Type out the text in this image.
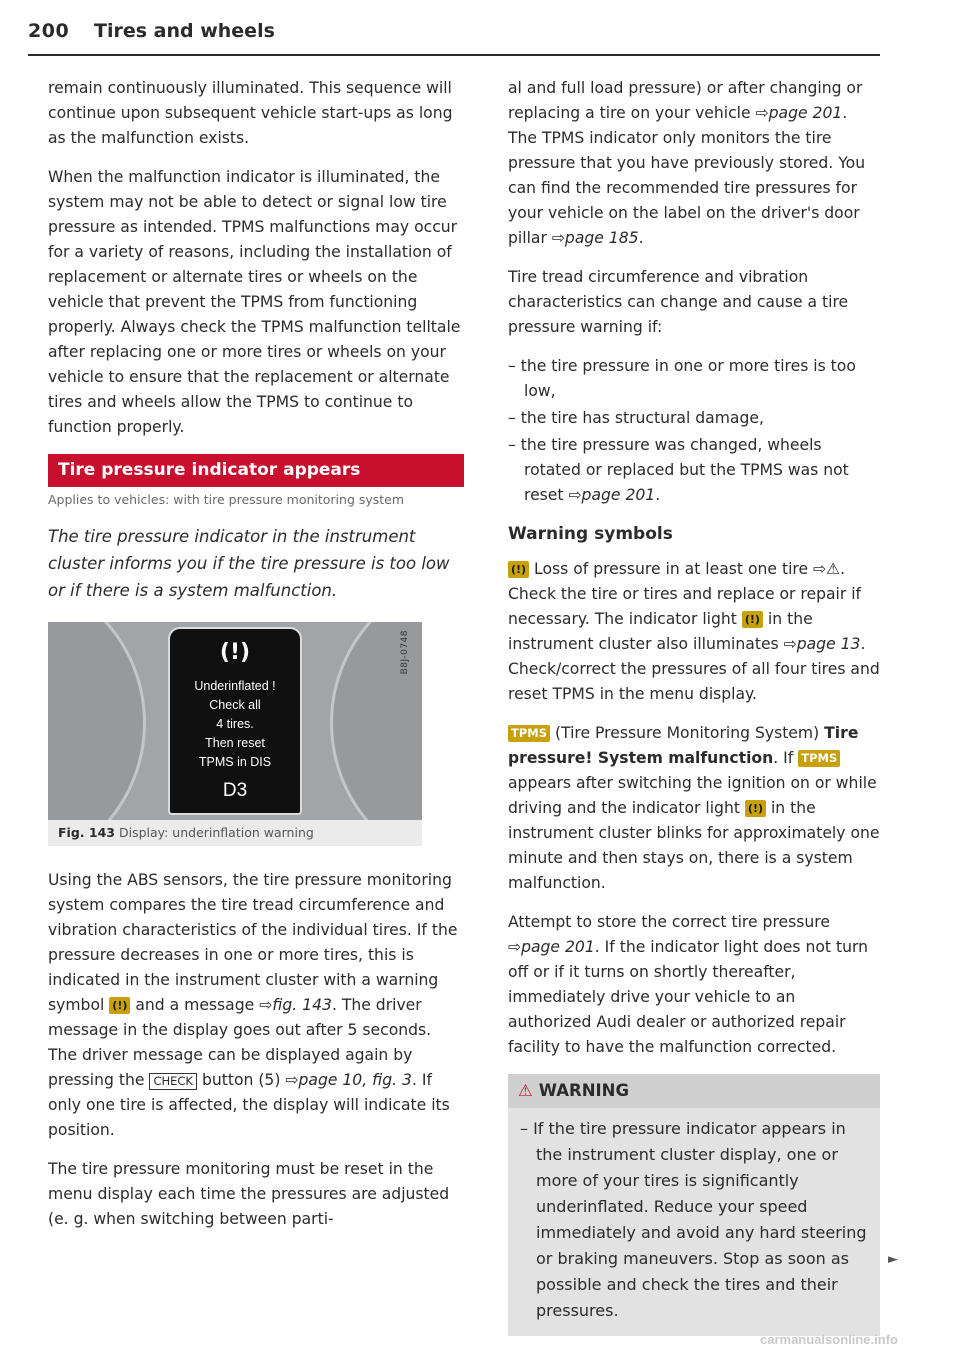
200 Tires and wheels

remain continuously illuminated. This sequence will continue upon subsequent vehicle start-ups as long as the malfunction exists.

When the malfunction indicator is illuminated, the system may not be able to detect or signal low tire pressure as intended. TPMS malfunctions may occur for a variety of reasons, including the installation of replacement or alternate tires or wheels on the vehicle that prevent the TPMS from functioning properly. Always check the TPMS malfunction telltale after replacing one or more tires or wheels on your vehicle to ensure that the replacement or alternate tires and wheels allow the TPMS to continue to function properly.

Tire pressure indicator appears
Applies to vehicles: with tire pressure monitoring system

The tire pressure indicator in the instrument cluster informs you if the tire pressure is too low or if there is a system malfunction.

(!)
Underinflated !
Check all
4 tires.
Then reset
TPMS in DIS
D3
B8J-0748
Fig. 143 Display: underinflation warning

Using the ABS sensors, the tire pressure monitoring system compares the tire tread circumference and vibration characteristics of the individual tires. If the pressure decreases in one or more tires, this is indicated in the instrument cluster with a warning symbol (!) and a message ⇨fig. 143. The driver message in the display goes out after 5 seconds. The driver message can be displayed again by pressing the CHECK button (5) ⇨page 10, fig. 3. If only one tire is affected, the display will indicate its position.

The tire pressure monitoring must be reset in the menu display each time the pressures are adjusted (e. g. when switching between parti-

al and full load pressure) or after changing or replacing a tire on your vehicle ⇨page 201. The TPMS indicator only monitors the tire pressure that you have previously stored. You can find the recommended tire pressures for your vehicle on the label on the driver's door pillar ⇨page 185.

Tire tread circumference and vibration characteristics can change and cause a tire pressure warning if:

– the tire pressure in one or more tires is too low,
– the tire has structural damage,
– the tire pressure was changed, wheels rotated or replaced but the TPMS was not reset ⇨page 201.
Warning symbols

(!) Loss of pressure in at least one tire ⇨⚠. Check the tire or tires and replace or repair if necessary. The indicator light (!) in the instrument cluster also illuminates ⇨page 13. Check/correct the pressures of all four tires and reset TPMS in the menu display.

TPMS (Tire Pressure Monitoring System) Tire pressure! System malfunction. If TPMS appears after switching the ignition on or while driving and the indicator light (!) in the instrument cluster blinks for approximately one minute and then stays on, there is a system malfunction.

Attempt to store the correct tire pressure ⇨page 201. If the indicator light does not turn off or if it turns on shortly thereafter, immediately drive your vehicle to an authorized Audi dealer or authorized repair facility to have the malfunction corrected.

⚠ WARNING
– If the tire pressure indicator appears in the instrument cluster display, one or more of your tires is significantly underinflated. Reduce your speed immediately and avoid any hard steering or braking maneuvers. Stop as soon as possible and check the tires and their pressures.
►
carmanualsonline.info
